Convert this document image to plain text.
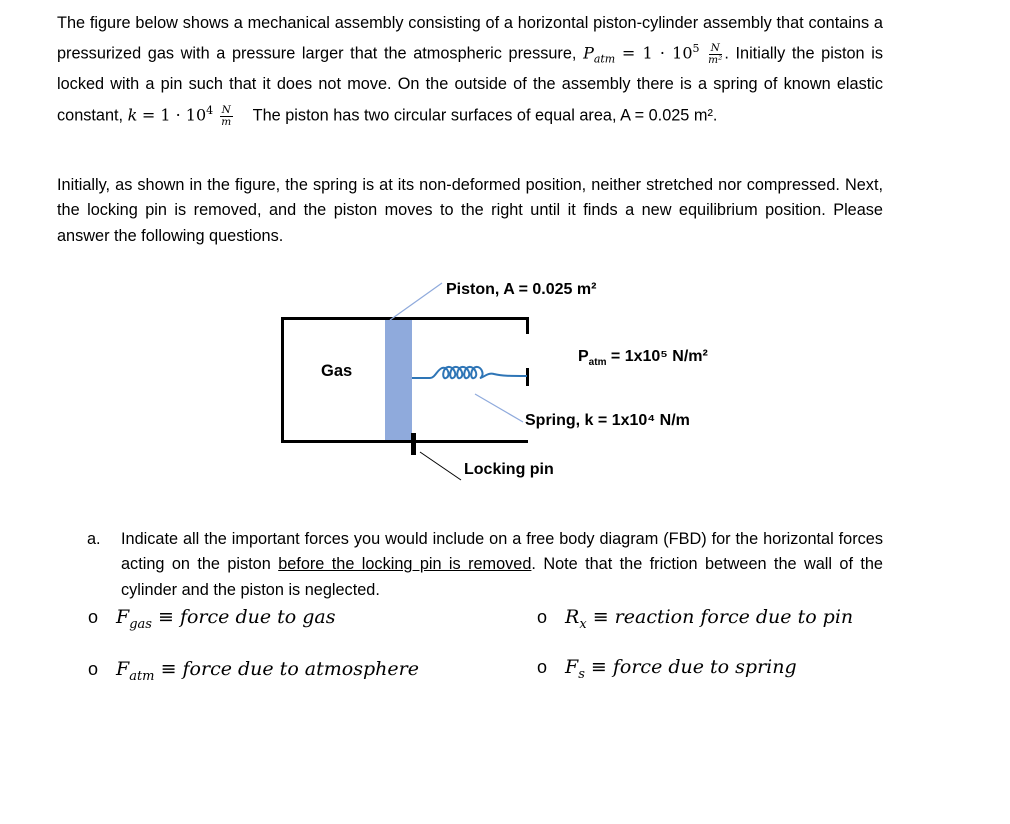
The figure below shows a mechanical assembly consisting of a horizontal piston-cylinder assembly that contains a pressurized gas with a pressure larger that the atmospheric pressure, $P_{atm} = 1 \cdot 10^5 \frac{N}{\text{m²}}$ . Initially the piston is locked with a pin such that it does not move. On the outside of the assembly there is a spring of known elastic constant, $k = 1 \cdot 10^4 \frac{N}{m}$ The piston has two circular surfaces of equal area, A = 0.025 m².
Initially, as shown in the figure, the spring is at its non-deformed position, neither stretched nor compressed. Next, the locking pin is removed, and the piston moves to the right until it finds a new equilibrium position. Please answer the following questions.
Piston, A = 0.025 m²
Gas
$P_{atm} = 1x10^5$ N/m²
Spring, k = 1x10⁴ N/m
Locking pin
a. Indicate all the important forces you would include on a free body diagram (FBD) for the horizontal forces acting on the piston before the locking pin is removed. Note that the friction between the wall of the cylinder and the piston is neglected.
o $F_{gas}$ ≡ force due to gas	o $R_x$ ≡ reaction force due to pin
o $F_{atm}$ ≡ force due to atmosphere	o $F_s$ ≡ force due to spring
